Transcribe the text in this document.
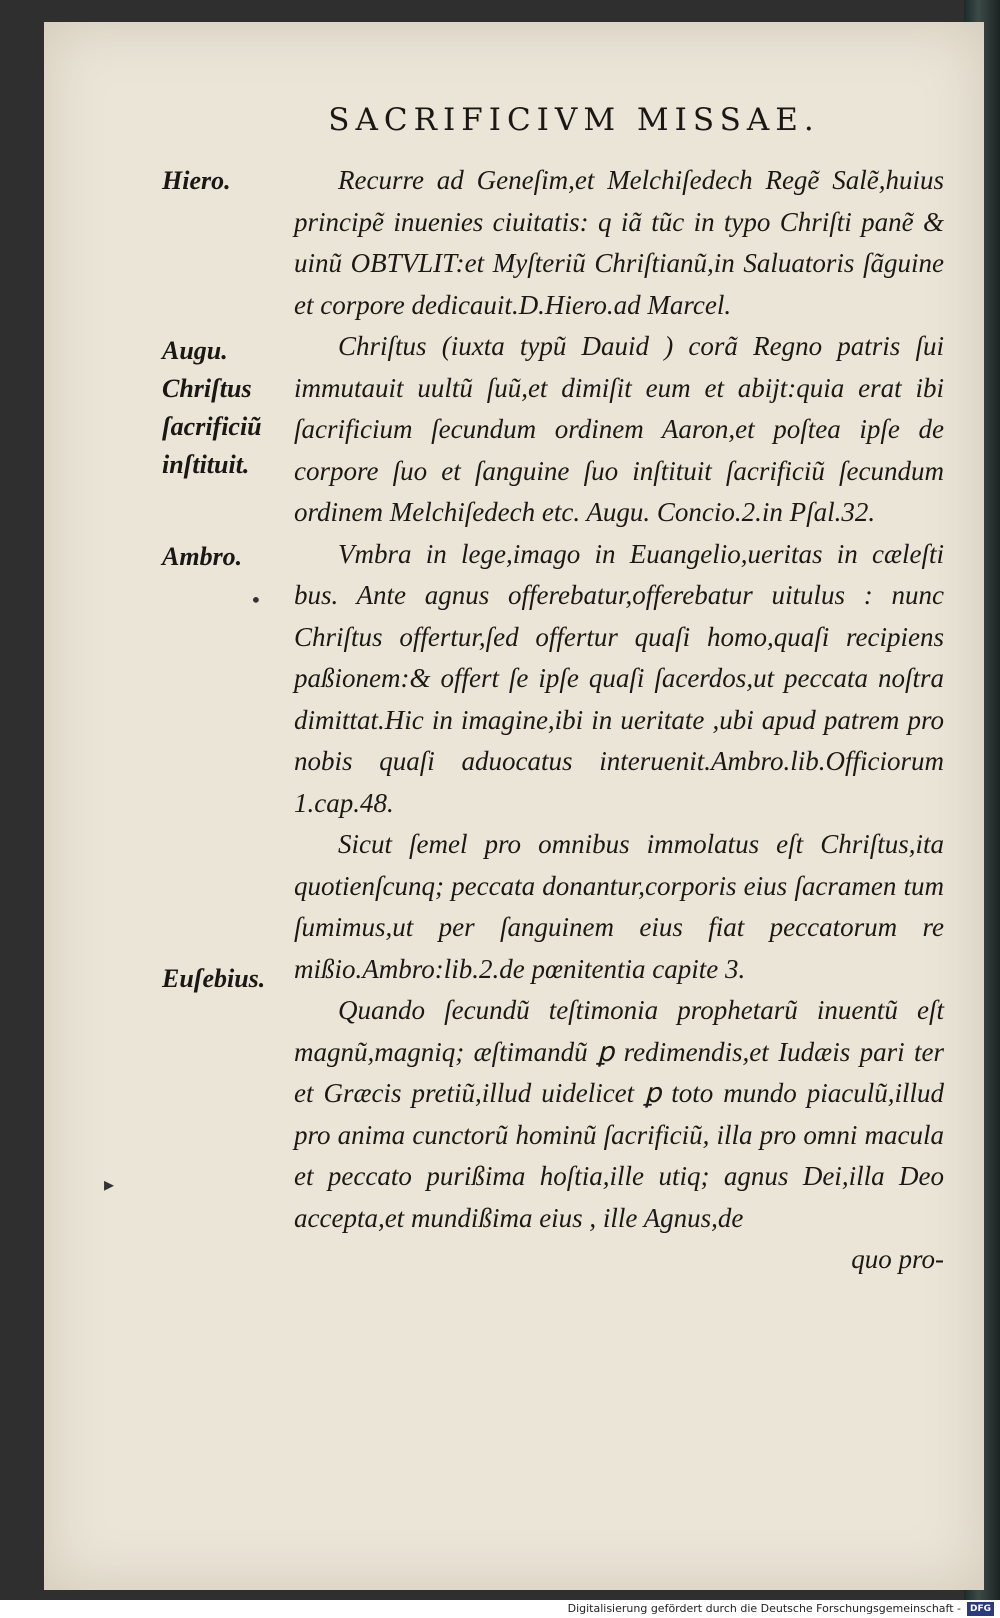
SACRIFICIVM MISSAE.
Hiero.
Augu.
Chriſtus
ſacrificiũ
inſtituit.
Ambro.
•
Euſebius.
▸

Recurre ad Geneſim,et Melchiſedech Regẽ Salẽ,huius principẽ inuenies ciuitatis: q iã tũc in typo Chriſti panẽ & uinũ OBTVLIT:et Myſteriũ Chriſtianũ,in Saluatoris ſãguine et corpore dedicauit.D.Hiero.ad Marcel.

Chriſtus (iuxta typũ Dauid ) corã Regno patris ſui immutauit uultũ ſuũ,et dimiſit eum et abijt:quia erat ibi ſacrificium ſecundum ordinem Aaron,et poſtea ipſe de corpore ſuo et ſanguine ſuo inſtituit ſacrificiũ ſecundum ordinem Melchiſedech etc. Augu. Concio.2.in Pſal.32.

Vmbra in lege,imago in Euangelio,ueritas in cæleſti bus. Ante agnus offerebatur,offerebatur uitulus : nunc Chriſtus offertur,ſed offertur quaſi homo,quaſi recipiens paßionem:& offert ſe ipſe quaſi ſacerdos,ut peccata noſtra dimittat.Hic in imagine,ibi in ueritate ,ubi apud patrem pro nobis quaſi aduocatus interuenit.Ambro.lib.Officiorum 1.cap.48.

Sicut ſemel pro omnibus immolatus eſt Chriſtus,ita quotienſcunq; peccata donantur,corporis eius ſacramen tum ſumimus,ut per ſanguinem eius fiat peccatorum re mißio.Ambro:lib.2.de pœnitentia capite 3.

Quando ſecundũ teſtimonia prophetarũ inuentũ eſt magnũ,magniq; æſtimandũ ꝑ redimendis,et Iudæis pari ter et Græcis pretiũ,illud uidelicet ꝑ toto mundo piaculũ,illud pro anima cunctorũ hominũ ſacrificiũ, illa pro omni macula et peccato purißima hoſtia,ille utiq; agnus Dei,illa Deo accepta,et mundißima eius , ille Agnus,de

quo pro-

Digitalisierung gefördert durch die Deutsche Forschungsgemeinschaft - DFG
